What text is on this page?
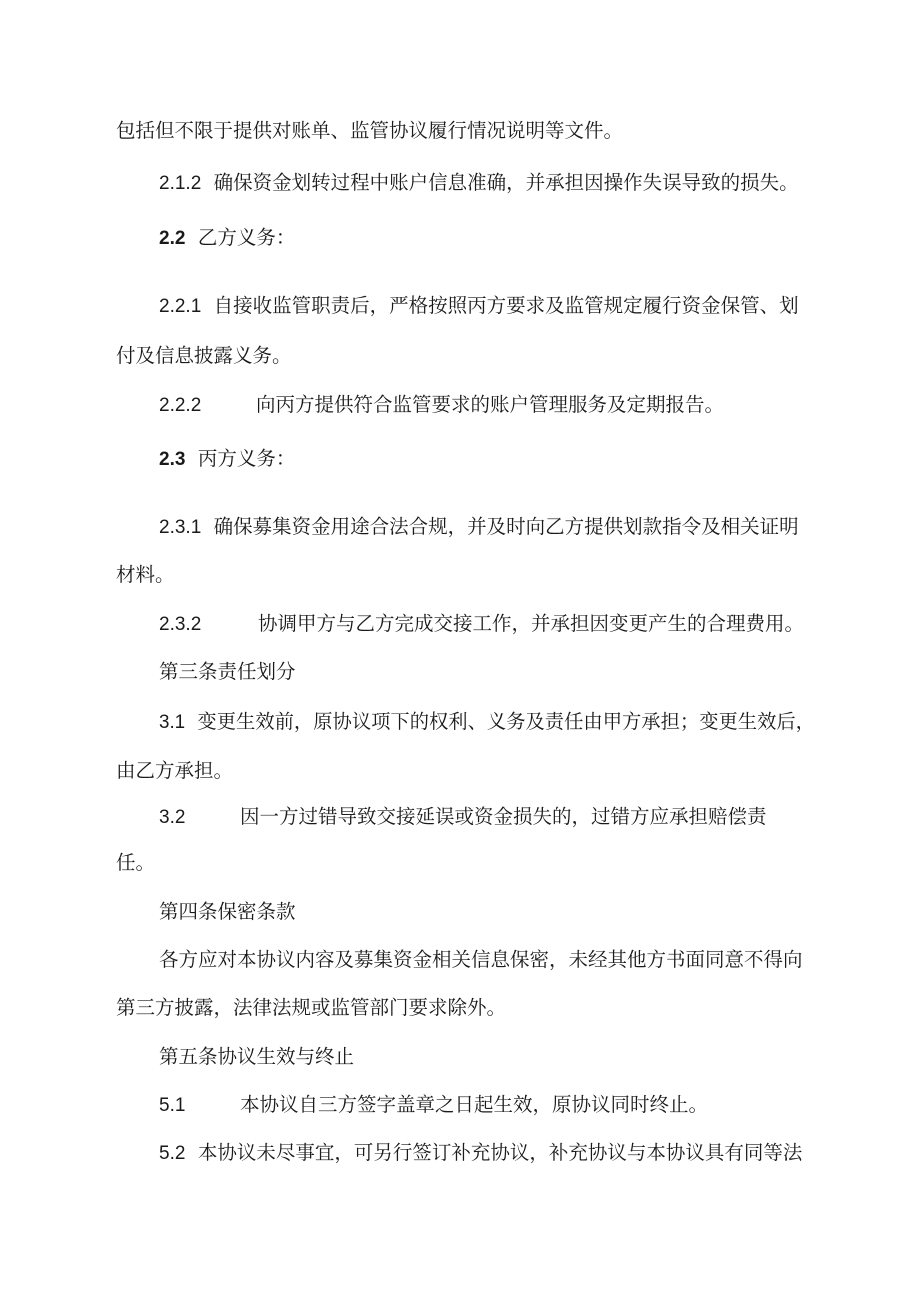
包括但不限于提供对账单、监管协议履行情况说明等文件。
2.1.2 确保资金划转过程中账户信息准确，并承担因操作失误导致的损失。
2.2 乙方义务：
2.2.1 自接收监管职责后，严格按照丙方要求及监管规定履行资金保管、划
付及信息披露义务。
2.2.2	向丙方提供符合监管要求的账户管理服务及定期报告。
2.3 丙方义务：
2.3.1 确保募集资金用途合法合规，并及时向乙方提供划款指令及相关证明
材料。
2.3.2	协调甲方与乙方完成交接工作，并承担因变更产生的合理费用。
第三条责任划分
3.1 变更生效前，原协议项下的权利、义务及责任由甲方承担；变更生效后，
由乙方承担。
3.2	因一方过错导致交接延误或资金损失的，过错方应承担赔偿责
任。
第四条保密条款
各方应对本协议内容及募集资金相关信息保密，未经其他方书面同意不得向
第三方披露，法律法规或监管部门要求除外。
第五条协议生效与终止
5.1	本协议自三方签字盖章之日起生效，原协议同时终止。
5.2 本协议未尽事宜，可另行签订补充协议，补充协议与本协议具有同等法
